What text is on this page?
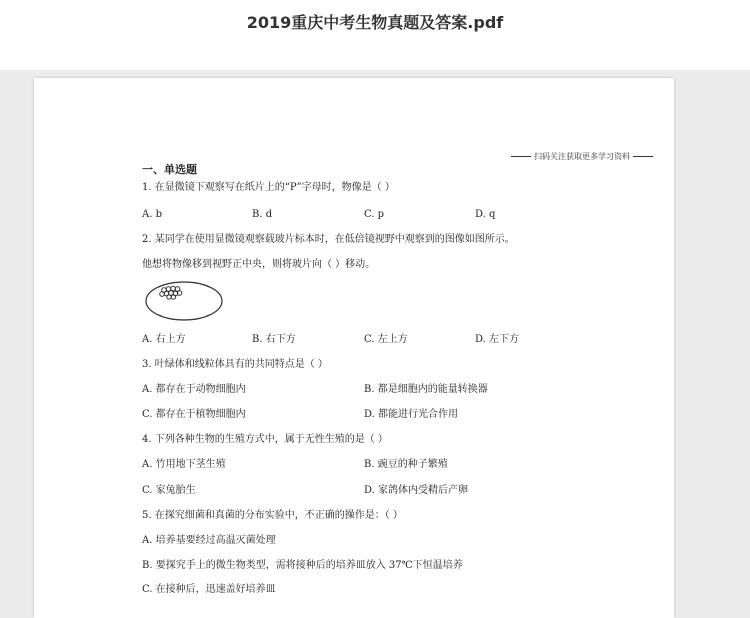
2019重庆中考生物真题及答案.pdf
扫码关注获取更多学习资料
一、单选题
1. 在显微镜下观察写在纸片上的“P”字母时，物像是（ ）
A. b	B. d	C. p	D. q
2. 某同学在使用显微镜观察载玻片标本时，在低倍镜视野中观察到的图像如图所示。
他想将物像移到视野正中央，则将玻片向（ ）移动。
A. 右上方	B. 右下方	C. 左上方	D. 左下方
3. 叶绿体和线粒体具有的共同特点是（ ）
A. 都存在于动物细胞内	B. 都是细胞内的能量转换器
C. 都存在于植物细胞内	D. 都能进行光合作用
4. 下列各种生物的生殖方式中，属于无性生殖的是（ ）
A. 竹用地下茎生殖	B. 豌豆的种子繁殖
C. 家兔胎生	D. 家鸽体内受精后产卵
5. 在探究细菌和真菌的分布实验中，不正确的操作是：（ ）
A. 培养基要经过高温灭菌处理
B. 要探究手上的微生物类型，需将接种后的培养皿放入 37℃下恒温培养
C. 在接种后，迅速盖好培养皿
